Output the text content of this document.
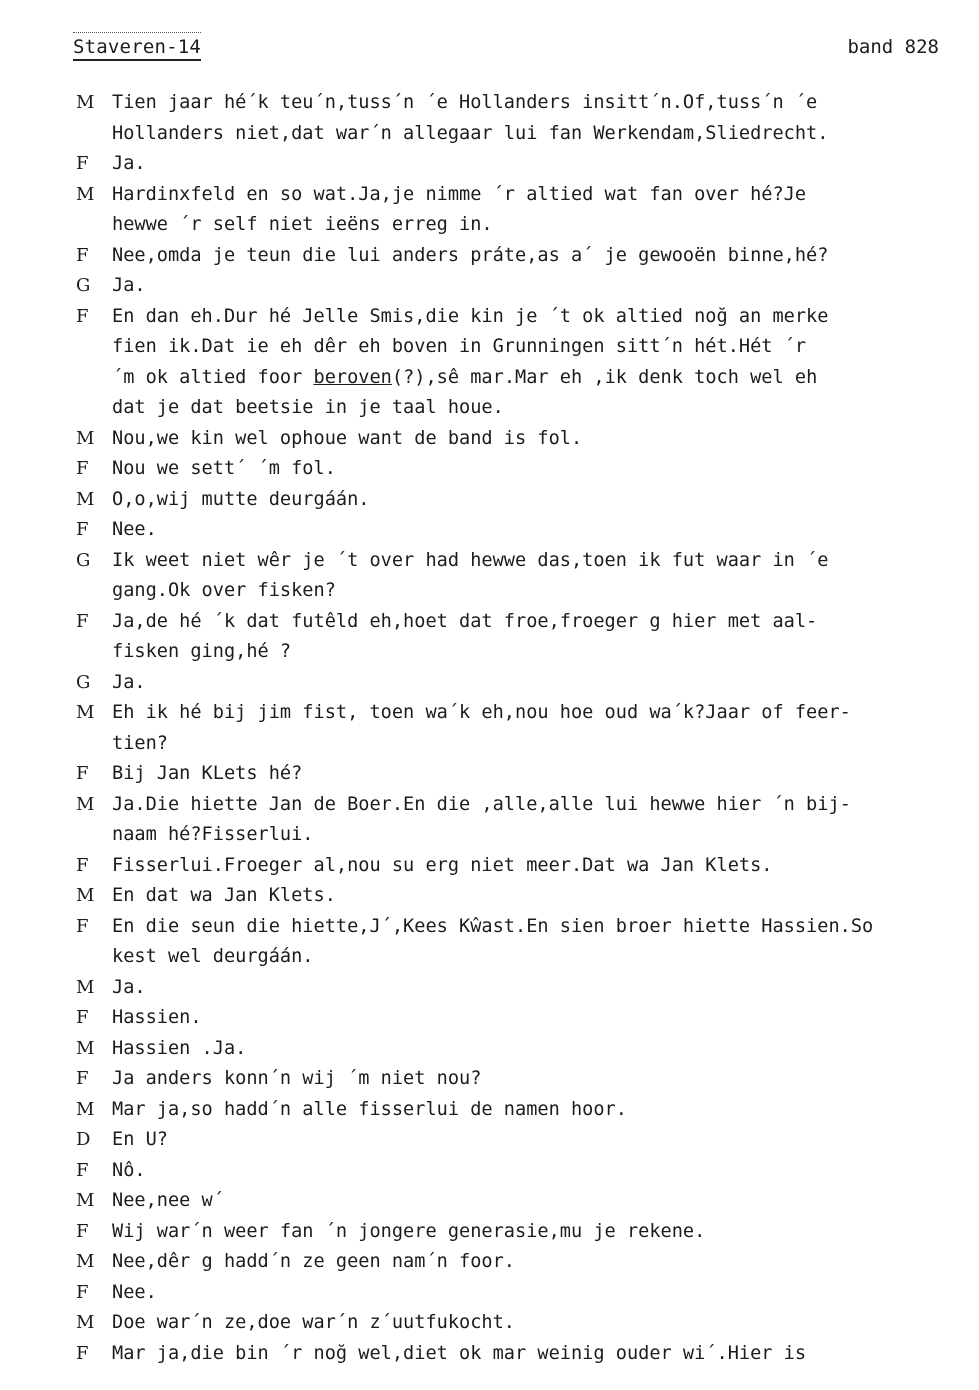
Staveren-14	band 828
M Tien jaar hé´k teu´n,tuss´n ´e Hollanders insitt´n.Of,tuss´n ´e
Hollanders niet,dat war´n allegaar lui fan Werkendam,Sliedrecht.
F	Ja.
M Hardinxfeld en so wat.Ja,je nimme ´r altied wat fan over hé?Je
hewwe ´r self niet ieëns erreg in.
F	Nee,omda je teun die lui anders práte,as a´ je gewooën binne,hé?
G	Ja.
F	En dan eh.Dur hé Jelle Smis,die kin je ´t ok altied noğ an merke
fien ik.Dat ie eh dêr eh boven in Grunningen sitt´n hét.Hét ´r
´m ok altied foor beroven(?),sê mar.Mar eh ,ik denk toch wel eh
dat je dat beetsie in je taal houe.
M Nou,we kin wel ophoue want de band is fol.
F	Nou we sett´ ´m fol.
M O,o,wij mutte deurgáán.
F	Nee.
G	Ik weet niet wêr je ´t over had hewwe das,toen ik fut waar in ´e
gang.Ok over fisken?
F	Ja,de hé ´k dat futêld eh,hoet dat froe,froeger g hier met aal-
fisken ging,hé ?
G	Ja.
M Eh ik hé bij jim fist, toen wa´k eh,nou hoe oud wa´k?Jaar of feer-
tien?
F	Bij Jan KLets hé?
M Ja.Die hiette Jan de Boer.En die ,alle,alle lui hewwe hier ´n bij-
naam hé?Fisserlui.
F	Fisserlui.Froeger al,nou su erg niet meer.Dat wa Jan Klets.
M En dat wa Jan Klets.
F	En die seun die hiette,J´,Kees Kŵast.En sien broer hiette Hassien.So
kest wel deurgáán.
M Ja.
F	Hassien.
M Hassien .Ja.
F	Ja anders konn´n wij ´m niet nou?
M Mar ja,so hadd´n alle fisserlui de namen hoor.
D	En U?
F	Nô.
M Nee,nee w´
F	Wij war´n weer fan ´n jongere generasie,mu je rekene.
M Nee,dêr g hadd´n ze geen nam´n foor.
F	Nee.
M Doe war´n ze,doe war´n z´uutfukocht.
F	Mar ja,die bin ´r noğ wel,diet ok mar weinig ouder wi´.Hier is
